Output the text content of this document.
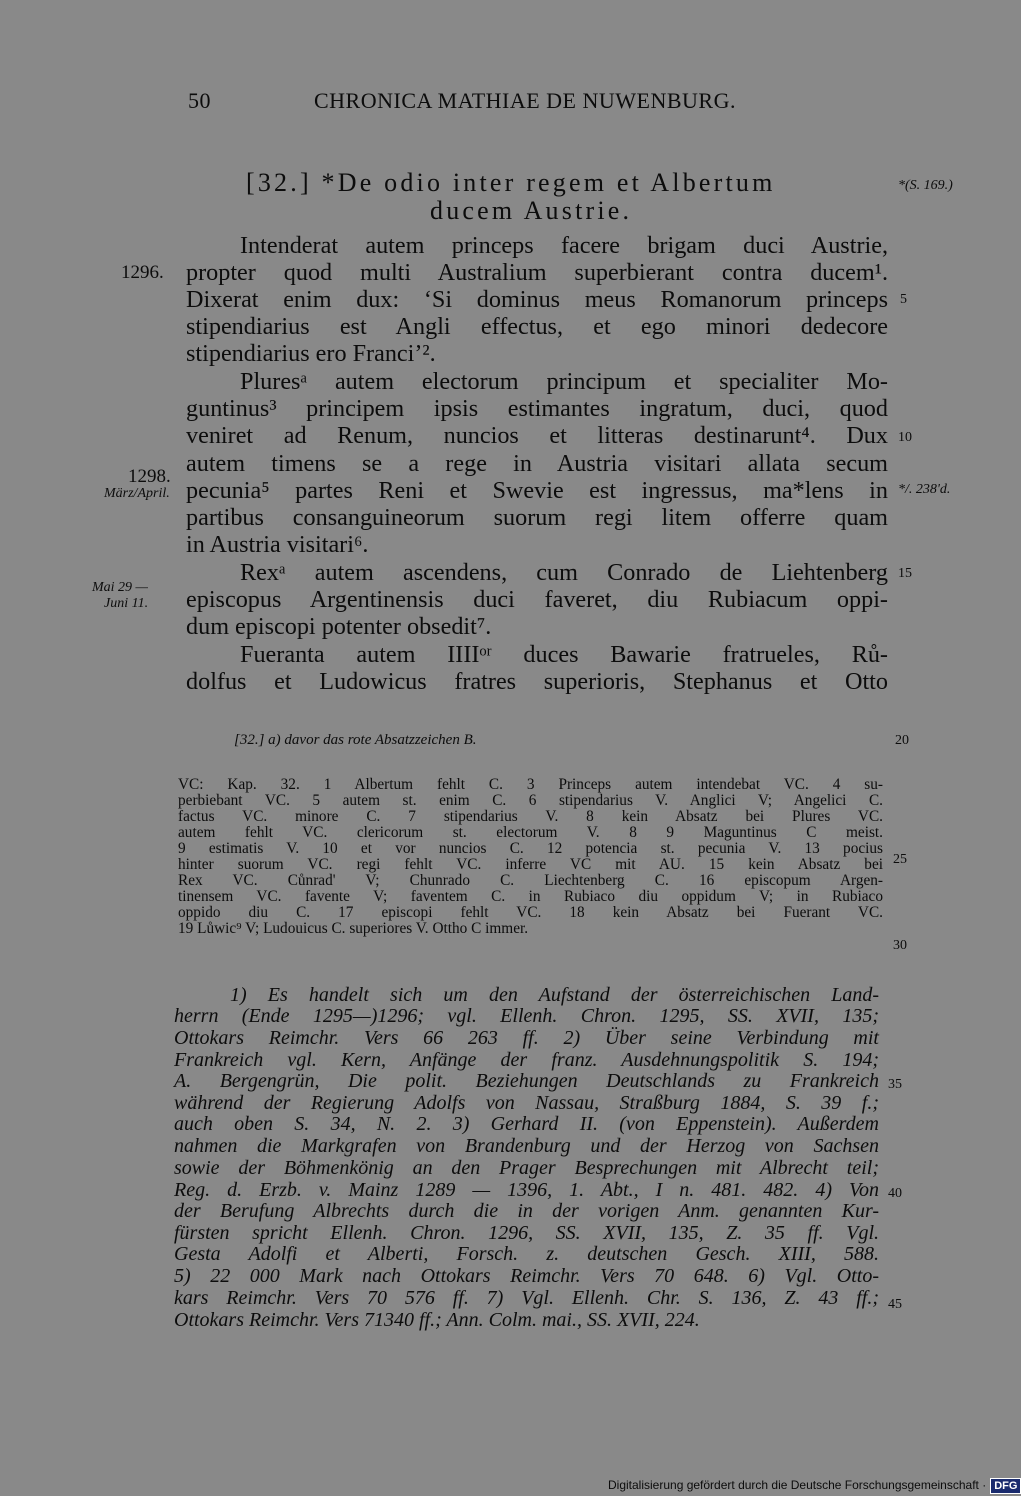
50	CHRONICA MATHIAE DE NUWENBURG.
[32.] *De odio inter regem et Albertum
ducem Austrie.
*(S. 169.)
Intenderat autem princeps facere brigam duci Austrie,
propter quod multi Australium superbierant contra ducem¹.
Dixerat enim dux: ‘Si dominus meus Romanorum princeps
stipendiarius est Angli effectus, et ego minori dedecore
stipendiarius ero Franci’².
Pluresᵃ autem electorum principum et specialiter Mo-
guntinus³ principem ipsis estimantes ingratum, duci, quod
veniret ad Renum, nuncios et litteras destinarunt⁴. Dux
autem timens se a rege in Austria visitari allata secum
pecunia⁵ partes Reni et Swevie est ingressus, ma*lens in
partibus consanguineorum suorum regi litem offerre quam
in Austria visitari⁶.
Rexᵃ autem ascendens, cum Conrado de Liehtenberg
episcopus Argentinensis duci faveret, diu Rubiacum oppi-
dum episcopi potenter obsedit⁷.
Fueranta autem IIIIᵒʳ duces Bawarie fratrueles, Rů-
dolfus et Ludowicus fratres superioris, Stephanus et Otto
1296.
1298.
März/April.
Mai 29 —
Juni 11.
5
10
*/. 238'd.
15
20
25
30
35
40
45
[32.] a) davor das rote Absatzzeichen B.
VC: Kap. 32. 1 Albertum fehlt C. 3 Princeps autem intendebat VC. 4 su-
perbiebant VC. 5 autem st. enim C. 6 stipendarius V. Anglici V; Angelici C.
factus VC. minore C. 7 stipendarius V. 8 kein Absatz bei Plures VC.
autem fehlt VC. clericorum st. electorum V. 8 9 Maguntinus C meist.
9 estimatis V. 10 et vor nuncios C. 12 potencia st. pecunia V. 13 pocius
hinter suorum VC. regi fehlt VC. inferre VC mit AU. 15 kein Absatz bei
Rex VC. Cůnrad' V; Chunrado C. Liechtenberg C. 16 episcopum Argen-
tinensem VC. favente V; faventem C. in Rubiaco diu oppidum V; in Rubiaco
oppido diu C. 17 episcopi fehlt VC. 18 kein Absatz bei Fuerant VC.
19 Lůwic⁹ V; Ludouicus C. superiores V. Ottho C immer.
1) Es handelt sich um den Aufstand der österreichischen Land-
herrn (Ende 1295—)1296; vgl. Ellenh. Chron. 1295, SS. XVII, 135;
Ottokars Reimchr. Vers 66 263 ff. 2) Über seine Verbindung mit
Frankreich vgl. Kern, Anfänge der franz. Ausdehnungspolitik S. 194;
A. Bergengrün, Die polit. Beziehungen Deutschlands zu Frankreich
während der Regierung Adolfs von Nassau, Straßburg 1884, S. 39 f.;
auch oben S. 34, N. 2. 3) Gerhard II. (von Eppenstein). Außerdem
nahmen die Markgrafen von Brandenburg und der Herzog von Sachsen
sowie der Böhmenkönig an den Prager Besprechungen mit Albrecht teil;
Reg. d. Erzb. v. Mainz 1289 — 1396, 1. Abt., I n. 481. 482. 4) Von
der Berufung Albrechts durch die in der vorigen Anm. genannten Kur-
fürsten spricht Ellenh. Chron. 1296, SS. XVII, 135, Z. 35 ff. Vgl.
Gesta Adolfi et Alberti, Forsch. z. deutschen Gesch. XIII, 588.
5) 22 000 Mark nach Ottokars Reimchr. Vers 70 648. 6) Vgl. Otto-
kars Reimchr. Vers 70 576 ff. 7) Vgl. Ellenh. Chr. S. 136, Z. 43 ff.;
Ottokars Reimchr. Vers 71340 ff.; Ann. Colm. mai., SS. XVII, 224.
Digitalisierung gefördert durch die Deutsche Forschungsgemeinschaft · DFG
